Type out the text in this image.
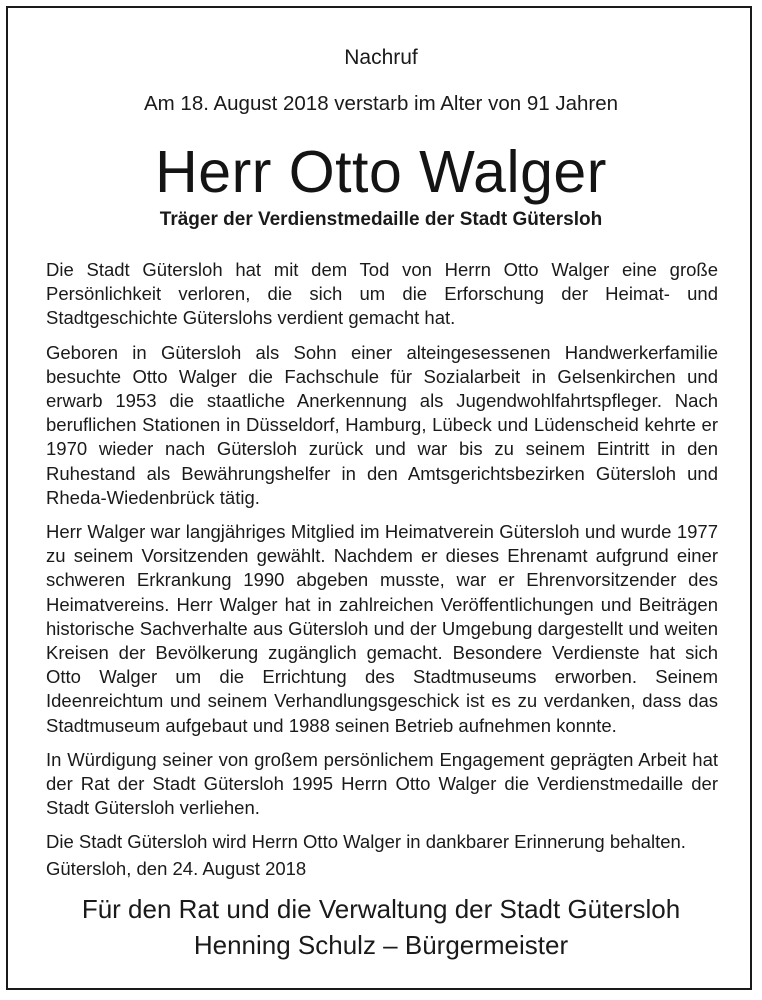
Nachruf
Am 18. August 2018 verstarb im Alter von 91 Jahren
Herr Otto Walger
Träger der Verdienstmedaille der Stadt Gütersloh

Die Stadt Gütersloh hat mit dem Tod von Herrn Otto Walger eine große Persönlichkeit verloren, die sich um die Erforschung der Heimat- und Stadtgeschichte Güterslohs verdient gemacht hat.

Geboren in Gütersloh als Sohn einer alteingesessenen Handwerkerfamilie besuchte Otto Walger die Fachschule für Sozialarbeit in Gelsenkirchen und erwarb 1953 die staatliche Anerkennung als Jugendwohlfahrtspfleger. Nach beruflichen Stationen in Düsseldorf, Hamburg, Lübeck und Lüdenscheid kehrte er 1970 wieder nach Gütersloh zurück und war bis zu seinem Eintritt in den Ruhestand als Bewährungshelfer in den Amtsgerichtsbezirken Gütersloh und Rheda-Wiedenbrück tätig.

Herr Walger war langjähriges Mitglied im Heimatverein Gütersloh und wurde 1977 zu seinem Vorsitzenden gewählt. Nachdem er dieses Ehrenamt aufgrund einer schweren Erkrankung 1990 abgeben musste, war er Ehrenvorsitzender des Heimatvereins. Herr Walger hat in zahlreichen Veröffentlichungen und Beiträgen historische Sachverhalte aus Gütersloh und der Umgebung dargestellt und weiten Kreisen der Bevölkerung zugänglich gemacht. Besondere Verdienste hat sich Otto Walger um die Errichtung des Stadtmuseums erworben. Seinem Ideenreichtum und seinem Verhandlungsgeschick ist es zu verdanken, dass das Stadtmuseum aufgebaut und 1988 seinen Betrieb aufnehmen konnte.

In Würdigung seiner von großem persönlichem Engagement geprägten Arbeit hat der Rat der Stadt Gütersloh 1995 Herrn Otto Walger die Verdienstmedaille der Stadt Gütersloh verliehen.

Die Stadt Gütersloh wird Herrn Otto Walger in dankbarer Erinnerung behalten.

Gütersloh, den 24. August 2018
Für den Rat und die Verwaltung der Stadt Gütersloh
Henning Schulz – Bürgermeister
